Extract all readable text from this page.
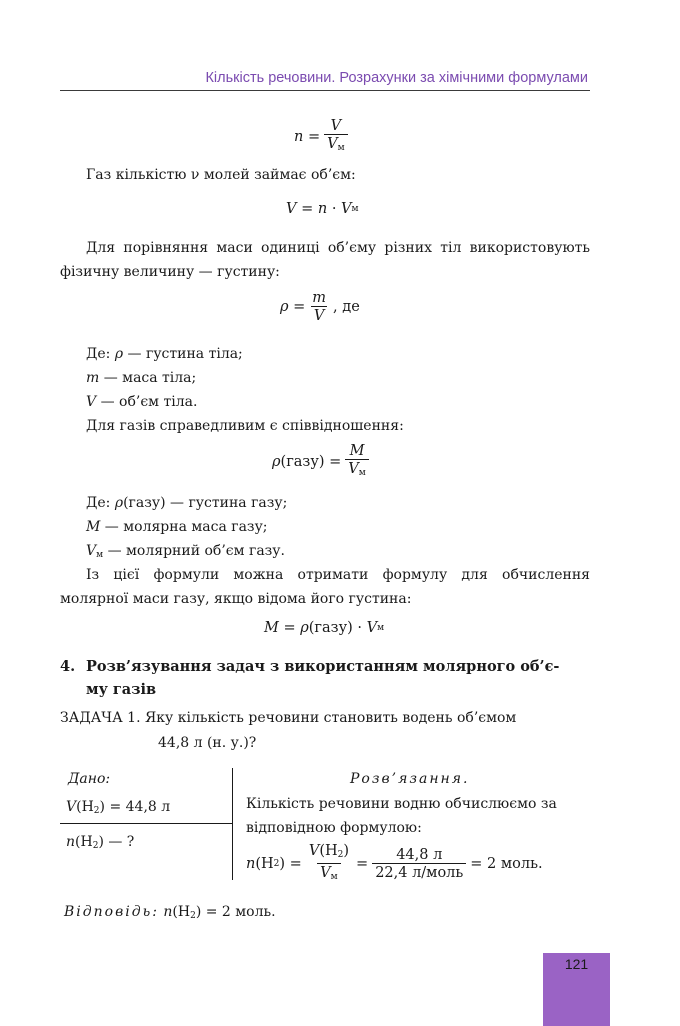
Кількість речовини. Розрахунки за хімічними формулами
n
= $\frac{V}{V_м}$
Газ кількістю ν молей займає об’єм:
V
=
n
·
V м
Для порівняння маси одиниці об’єму різних тіл використовують фізичну величину — густину:
ρ
= $\frac{m}{V}$ , де
Де: ρ — густина тіла;
m — маса тіла;
V — об’єм тіла.
Для газів справедливим є співвідношення:
ρ (газу)
= $\frac{M}{V_м}$
Де: ρ(газу) — густина газу;
M — молярна маса газу;
$V_м$ — молярний об’єм газу.
Із цієї формули можна отримати формулу для обчислення молярної маси газу, якщо відома його густина:
M
=
ρ (газу)
·
V м
4. Розв’язування задач з використанням молярного об’є-
му газів
ЗАДАЧА 1. Яку кількість речовини становить водень об’ємом
44,8 л (н. у.)?
Дано:
$V(H_2) = 44,8$ л
$n(H_2)$ — ?
Розв’язання.
Кількість речовини водню обчислюємо за
відповідною формулою:
n (H 2 ) = $\frac{V(H_2)}{V_м} = \frac{44,8 л}{\text{22,4 л/моль}} = 2$ моль.
Відповідь: $n(H_2) = 2$ моль.
121
